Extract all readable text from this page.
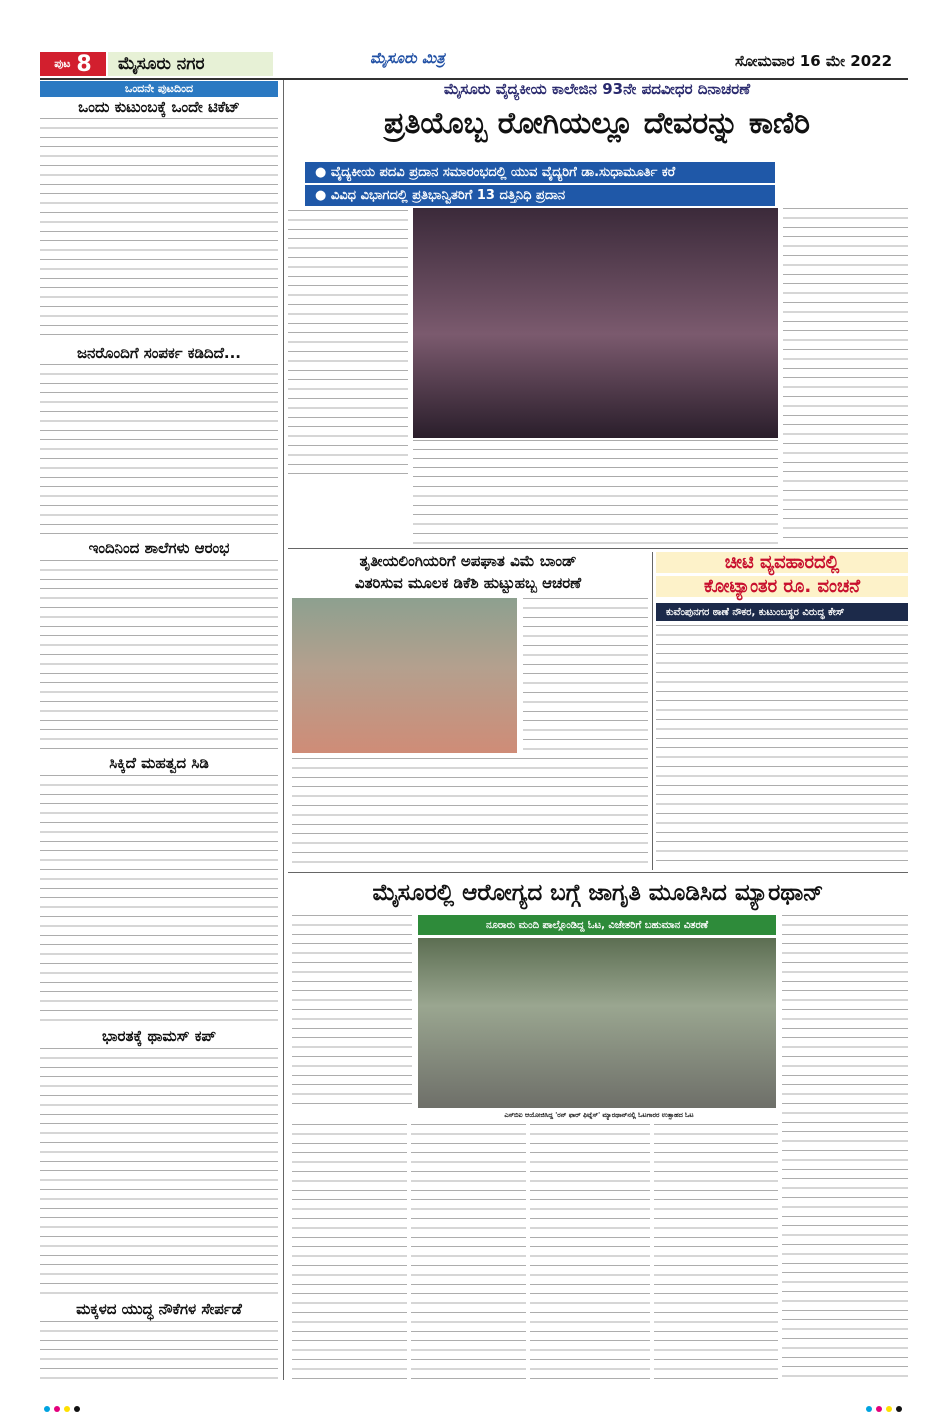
ಪುಟ 8	ಮೈಸೂರು ನಗರ	ಮೈಸೂರು ಮಿತ್ರ	ಸೋಮವಾರ 16 ಮೇ 2022
ಒಂದನೇ ಪುಟದಿಂದ
ಒಂದು ಕುಟುಂಬಕ್ಕೆ ಒಂದೇ ಟಿಕೆಟ್
ಜನರೊಂದಿಗೆ ಸಂಪರ್ಕ ಕಡಿದಿದೆ...
ಇಂದಿನಿಂದ ಶಾಲೆಗಳು ಆರಂಭ
ಸಿಕ್ಕಿದೆ ಮಹತ್ವದ ಸಿಡಿ
ಭಾರತಕ್ಕೆ ಥಾಮಸ್ ಕಪ್
ಮಕ್ಕಳದ ಯುದ್ಧ ನೌಕೆಗಳ ಸೇರ್ಪಡೆ
ಮೈಸೂರು ವೈದ್ಯಕೀಯ ಕಾಲೇಜಿನ 93ನೇ ಪದವೀಧರ ದಿನಾಚರಣೆ
ಪ್ರತಿಯೊಬ್ಬ ರೋಗಿಯಲ್ಲೂ ದೇವರನ್ನು ಕಾಣಿರಿ
● ವೈದ್ಯಕೀಯ ಪದವಿ ಪ್ರದಾನ ಸಮಾರಂಭದಲ್ಲಿ ಯುವ ವೈದ್ಯರಿಗೆ ಡಾ.ಸುಧಾಮೂರ್ತಿ ಕರೆ
● ವಿವಿಧ ವಿಭಾಗದಲ್ಲಿ ಪ್ರತಿಭಾನ್ವಿತರಿಗೆ 13 ದತ್ತಿನಿಧಿ ಪ್ರದಾನ
ತೃತೀಯಲಿಂಗಿಯರಿಗೆ ಅಪಘಾತ ವಿಮೆ ಬಾಂಡ್
ವಿತರಿಸುವ ಮೂಲಕ ಡಿಕೆಶಿ ಹುಟ್ಟುಹಬ್ಬ ಆಚರಣೆ
ಚೀಟಿ ವ್ಯವಹಾರದಲ್ಲಿ
ಕೋಟ್ಯಾಂತರ ರೂ. ವಂಚನೆ
ಕುವೆಂಪುನಗರ ಠಾಣೆ ನೌಕರ, ಕುಟುಂಬಸ್ಥರ ವಿರುದ್ಧ ಕೇಸ್
ಮೈಸೂರಲ್ಲಿ ಆರೋಗ್ಯದ ಬಗ್ಗೆ ಜಾಗೃತಿ ಮೂಡಿಸಿದ ಮ್ಯಾರಥಾನ್
ನೂರಾರು ಮಂದಿ ಪಾಲ್ಗೊಂಡಿದ್ದ ಓಟ, ವಿಜೇತರಿಗೆ ಬಹುಮಾನ ವಿತರಣೆ
ಎಸ್‌ಬಿಐ ಆಯೋಜಿಸಿದ್ದ 'ರನ್ ಫಾರ್ ಫಿಟ್ನೆಸ್' ಮ್ಯಾರಥಾನ್‌ನಲ್ಲಿ ಓಟಗಾರರ ಉತ್ಸಾಹದ ಓಟ
